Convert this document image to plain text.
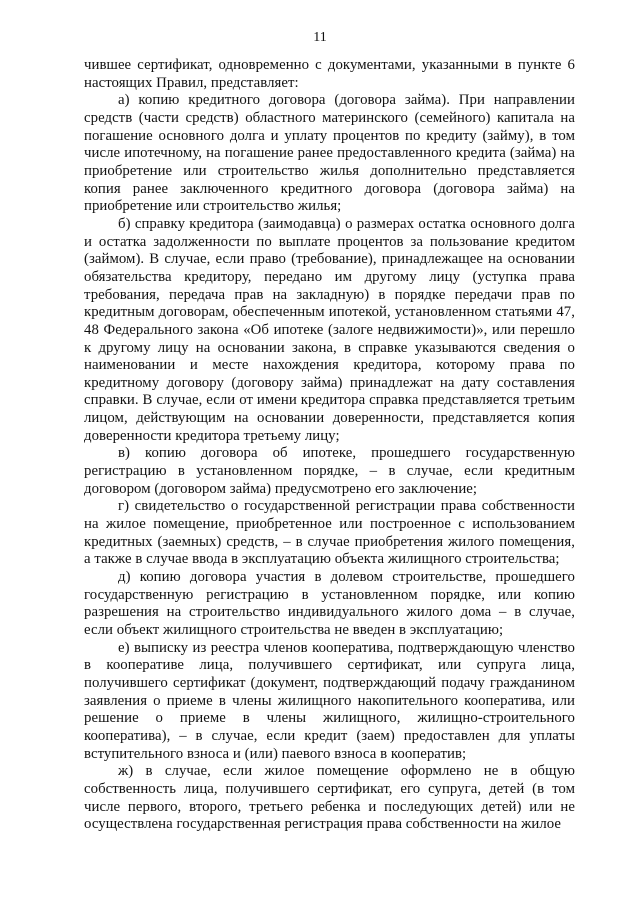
11

чившее сертификат, одновременно с документами, указанными в пункте 6 настоящих Правил, представляет:

а) копию кредитного договора (договора займа). При направлении средств (части средств) областного материнского (семейного) капитала на погашение основного долга и уплату процентов по кредиту (займу), в том числе ипотечному, на погашение ранее предоставленного кредита (займа) на приобретение или строительство жилья дополнительно представляется копия ранее заключенного кредитного договора (договора займа) на приобретение или строительство жилья;

б) справку кредитора (заимодавца) о размерах остатка основного долга и остатка задолженности по выплате процентов за пользование кредитом (займом). В случае, если право (требование), принадлежащее на основании обязательства кредитору, передано им другому лицу (уступка права требования, передача прав на закладную) в порядке передачи прав по кредитным договорам, обеспеченным ипотекой, установленном статьями 47, 48 Федерального закона «Об ипотеке (залоге недвижимости)», или перешло к другому лицу на основании закона, в справке указываются сведения о наименовании и месте нахождения кредитора, которому права по кредитному договору (договору займа) принадлежат на дату составления справки. В случае, если от имени кредитора справка представляется третьим лицом, действующим на основании доверенности, представляется копия доверенности кредитора третьему лицу;

в) копию договора об ипотеке, прошедшего государственную регистрацию в установленном порядке, – в случае, если кредитным договором (договором займа) предусмотрено его заключение;

г) свидетельство о государственной регистрации права собственности на жилое помещение, приобретенное или построенное с использованием кредитных (заемных) средств, – в случае приобретения жилого помещения, а также в случае ввода в эксплуатацию объекта жилищного строительства;

д) копию договора участия в долевом строительстве, прошедшего государственную регистрацию в установленном порядке, или копию разрешения на строительство индивидуального жилого дома – в случае, если объект жилищного строительства не введен в эксплуатацию;

е) выписку из реестра членов кооператива, подтверждающую членство в кооперативе лица, получившего сертификат, или супруга лица, получившего сертификат (документ, подтверждающий подачу гражданином заявления о приеме в члены жилищного накопительного кооператива, или решение о приеме в члены жилищного, жилищно-строительного кооператива), – в случае, если кредит (заем) предоставлен для уплаты вступительного взноса и (или) паевого взноса в кооператив;

ж) в случае, если жилое помещение оформлено не в общую собственность лица, получившего сертификат, его супруга, детей (в том числе первого, второго, третьего ребенка и последующих детей) или не осуществлена государственная регистрация права собственности на жилое
